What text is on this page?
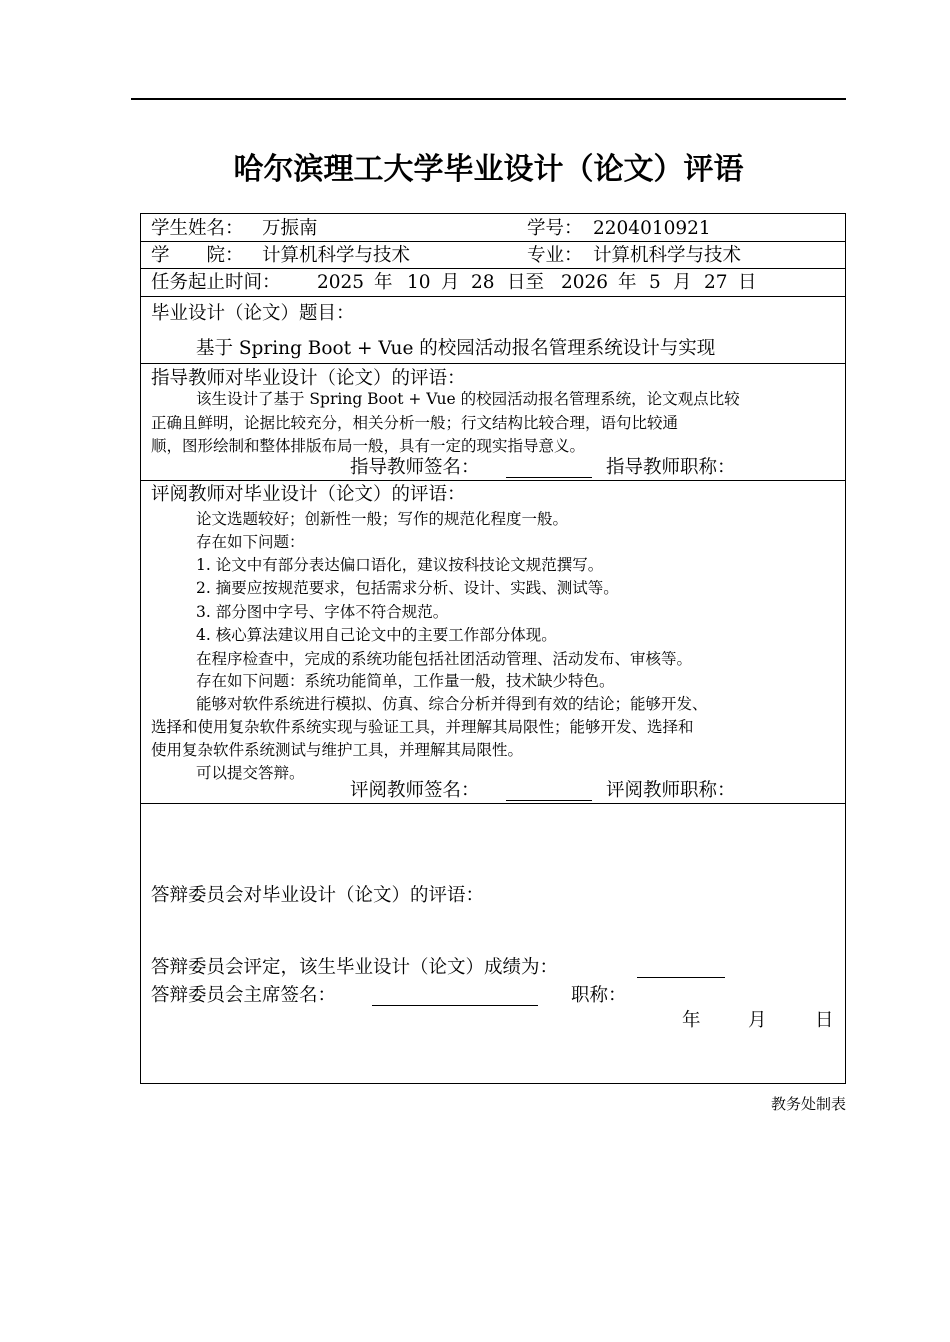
哈尔滨理工大学毕业设计（论文）评语
学生姓名： 万振南	学号： 2204010921
学　　院： 计算机科学与技术	专业： 计算机科学与技术
任务起止时间： 2025 年 10 月 28 日至 2026 年 5 月 27 日
毕业设计（论文）题目：
基于 Spring Boot + Vue 的校园活动报名管理系统设计与实现
指导教师对毕业设计（论文）的评语：
该生设计了基于 Spring Boot + Vue 的校园活动报名管理系统，论文观点比较
正确且鲜明，论据比较充分，相关分析一般；行文结构比较合理，语句比较通
顺，图形绘制和整体排版布局一般，具有一定的现实指导意义。
指导教师签名：	指导教师职称：
评阅教师对毕业设计（论文）的评语：
论文选题较好；创新性一般；写作的规范化程度一般。
存在如下问题：
1. 论文中有部分表达偏口语化，建议按科技论文规范撰写。
2. 摘要应按规范要求，包括需求分析、设计、实践、测试等。
3. 部分图中字号、字体不符合规范。
4. 核心算法建议用自己论文中的主要工作部分体现。
在程序检查中，完成的系统功能包括社团活动管理、活动发布、审核等。
存在如下问题：系统功能简单，工作量一般，技术缺少特色。
能够对软件系统进行模拟、仿真、综合分析并得到有效的结论；能够开发、
选择和使用复杂软件系统实现与验证工具，并理解其局限性；能够开发、选择和
使用复杂软件系统测试与维护工具，并理解其局限性。
可以提交答辩。
评阅教师签名：	评阅教师职称：
答辩委员会对毕业设计（论文）的评语：
答辩委员会评定，该生毕业设计（论文）成绩为：
答辩委员会主席签名：	职称：
年	月	日
教务处制表
